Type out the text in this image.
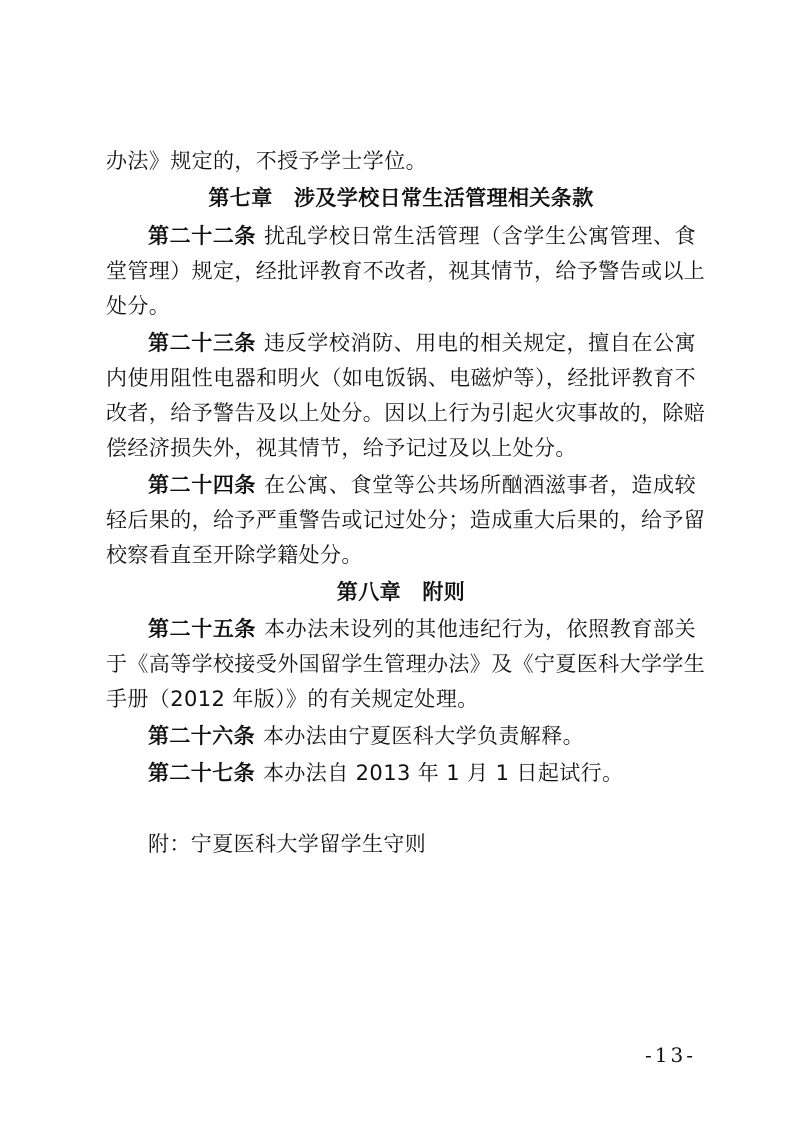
办法》规定的，不授予学士学位。
第七章　涉及学校日常生活管理相关条款
第二十二条 扰乱学校日常生活管理（含学生公寓管理、食
堂管理）规定，经批评教育不改者，视其情节，给予警告或以上
处分。
第二十三条 违反学校消防、用电的相关规定，擅自在公寓
内使用阻性电器和明火（如电饭锅、电磁炉等），经批评教育不
改者，给予警告及以上处分。因以上行为引起火灾事故的，除赔
偿经济损失外，视其情节，给予记过及以上处分。
第二十四条 在公寓、食堂等公共场所酗酒滋事者，造成较
轻后果的，给予严重警告或记过处分；造成重大后果的，给予留
校察看直至开除学籍处分。
第八章　附则
第二十五条 本办法未设列的其他违纪行为，依照教育部关
于《高等学校接受外国留学生管理办法》及《宁夏医科大学学生
手册（2012 年版）》的有关规定处理。
第二十六条 本办法由宁夏医科大学负责解释。
第二十七条 本办法自 2013 年 1 月 1 日起试行。
附：宁夏医科大学留学生守则
-13-
